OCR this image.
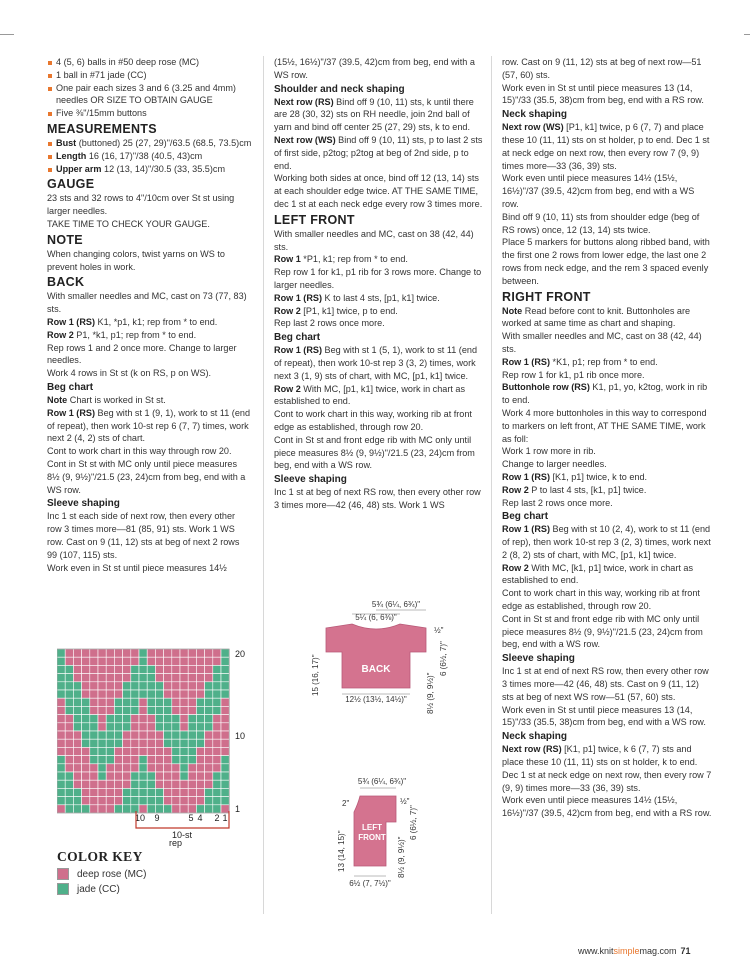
4 (5, 6) balls in #50 deep rose (MC)
1 ball in #71 jade (CC)
One pair each sizes 3 and 6 (3.25 and 4mm) needles OR SIZE TO OBTAIN GAUGE
Five ⅜"/15mm buttons
MEASUREMENTS
Bust (buttoned) 25 (27, 29)"/63.5 (68.5, 73.5)cm
Length 16 (16, 17)"/38 (40.5, 43)cm
Upper arm 12 (13, 14)"/30.5 (33, 35.5)cm
GAUGE

23 sts and 32 rows to 4"/10cm over St st using larger needles.

TAKE TIME TO CHECK YOUR GAUGE.

NOTE

When changing colors, twist yarns on WS to prevent holes in work.

BACK

With smaller needles and MC, cast on 73 (77, 83) sts.

Row 1 (RS) K1, *p1, k1; rep from * to end.

Row 2 P1, *k1, p1; rep from * to end.

Rep rows 1 and 2 once more. Change to larger needles.

Work 4 rows in St st (k on RS, p on WS).

Beg chart

Note Chart is worked in St st.

Row 1 (RS) Beg with st 1 (9, 1), work to st 11 (end of repeat), then work 10-st rep 6 (7, 7) times, work next 2 (4, 2) sts of chart.

Cont to work chart in this way through row 20. Cont in St st with MC only until piece measures 8½ (9, 9½)"/21.5 (23, 24)cm from beg, end with a WS row.

Sleeve shaping

Inc 1 st each side of next row, then every other row 3 times more—81 (85, 91) sts. Work 1 WS row. Cast on 9 (11, 12) sts at beg of next 2 rows 99 (107, 115) sts.

Work even in St st until piece measures 14½

20
10
1
10 9	5 4 2 1
10-st
rep
COLOR KEY
deep rose (MC)
jade (CC)

(15½, 16½)"/37 (39.5, 42)cm from beg, end with a WS row.

Shoulder and neck shaping

Next row (RS) Bind off 9 (10, 11) sts, k until there are 28 (30, 32) sts on RH needle, join 2nd ball of yarn and bind off center 25 (27, 29) sts, k to end.

Next row (WS) Bind off 9 (10, 11) sts, p to last 2 sts of first side, p2tog; p2tog at beg of 2nd side, p to end.

Working both sides at once, bind off 12 (13, 14) sts at each shoulder edge twice. AT THE SAME TIME, dec 1 st at each neck edge every row 3 times more.

LEFT FRONT

With smaller needles and MC, cast on 38 (42, 44) sts.

Row 1 *P1, k1; rep from * to end.

Rep row 1 for k1, p1 rib for 3 rows more. Change to larger needles.

Row 1 (RS) K to last 4 sts, [p1, k1] twice.

Row 2 [P1, k1] twice, p to end.

Rep last 2 rows once more.

Beg chart

Row 1 (RS) Beg with st 1 (5, 1), work to st 11 (end of repeat), then work 10-st rep 3 (3, 2) times, work next 3 (1, 9) sts of chart, with MC, [p1, k1] twice.

Row 2 With MC, [p1, k1] twice, work in chart as established to end.

Cont to work chart in this way, working rib at front edge as established, through row 20.

Cont in St st and front edge rib with MC only until piece measures 8½ (9, 9½)"/21.5 (23, 24)cm from beg, end with a WS row.

Sleeve shaping

Inc 1 st at beg of next RS row, then every other row 3 times more—42 (46, 48) sts. Work 1 WS

BACK
5¾ (6¼, 6¾)"
5¼ (6, 6⅜)"
½"
6 (6½, 7)"
8½ (9, 9½)"
15 (16, 17)"
12½ (13½, 14½)"
LEFT
FRONT
5¾ (6¼, 6¾)"
2"	½"
6 (6½, 7)"
8½ (9, 9½)"
13 (14, 15)"
6½ (7, 7½)"

row. Cast on 9 (11, 12) sts at beg of next row—51 (57, 60) sts.

Work even in St st until piece measures 13 (14, 15)"/33 (35.5, 38)cm from beg, end with a RS row.

Neck shaping

Next row (WS) [P1, k1] twice, p 6 (7, 7) and place these 10 (11, 11) sts on st holder, p to end. Dec 1 st at neck edge on next row, then every row 7 (9, 9) times more—33 (36, 39) sts.

Work even until piece measures 14½ (15½, 16½)"/37 (39.5, 42)cm from beg, end with a WS row.

Bind off 9 (10, 11) sts from shoulder edge (beg of RS rows) once, 12 (13, 14) sts twice.

Place 5 markers for buttons along ribbed band, with the first one 2 rows from lower edge, the last one 2 rows from neck edge, and the rem 3 spaced evenly between.

RIGHT FRONT

Note Read before cont to knit. Buttonholes are worked at same time as chart and shaping.

With smaller needles and MC, cast on 38 (42, 44) sts.

Row 1 (RS) *K1, p1; rep from * to end.

Rep row 1 for k1, p1 rib once more.

Buttonhole row (RS) K1, p1, yo, k2tog, work in rib to end.

Work 4 more buttonholes in this way to correspond to markers on left front, AT THE SAME TIME, work as foll:

Work 1 row more in rib.

Change to larger needles.

Row 1 (RS) [K1, p1] twice, k to end.

Row 2 P to last 4 sts, [k1, p1] twice.

Rep last 2 rows once more.

Beg chart

Row 1 (RS) Beg with st 10 (2, 4), work to st 11 (end of rep), then work 10-st rep 3 (2, 3) times, work next 2 (8, 2) sts of chart, with MC, [p1, k1] twice.

Row 2 With MC, [k1, p1] twice, work in chart as established to end.

Cont to work chart in this way, working rib at front edge as established, through row 20.

Cont in St st and front edge rib with MC only until piece measures 8½ (9, 9½)"/21.5 (23, 24)cm from beg, end with a WS row.

Sleeve shaping

Inc 1 st at end of next RS row, then every other row 3 times more—42 (46, 48) sts. Cast on 9 (11, 12) sts at beg of next WS row—51 (57, 60) sts.

Work even in St st until piece measures 13 (14, 15)"/33 (35.5, 38)cm from beg, end with a WS row.

Neck shaping

Next row (RS) [K1, p1] twice, k 6 (7, 7) sts and place these 10 (11, 11) sts on st holder, k to end. Dec 1 st at neck edge on next row, then every row 7 (9, 9) times more—33 (36, 39) sts.

Work even until piece measures 14½ (15½, 16½)"/37 (39.5, 42)cm from beg, end with a RS row.

www.knitsimplemag.com 71
